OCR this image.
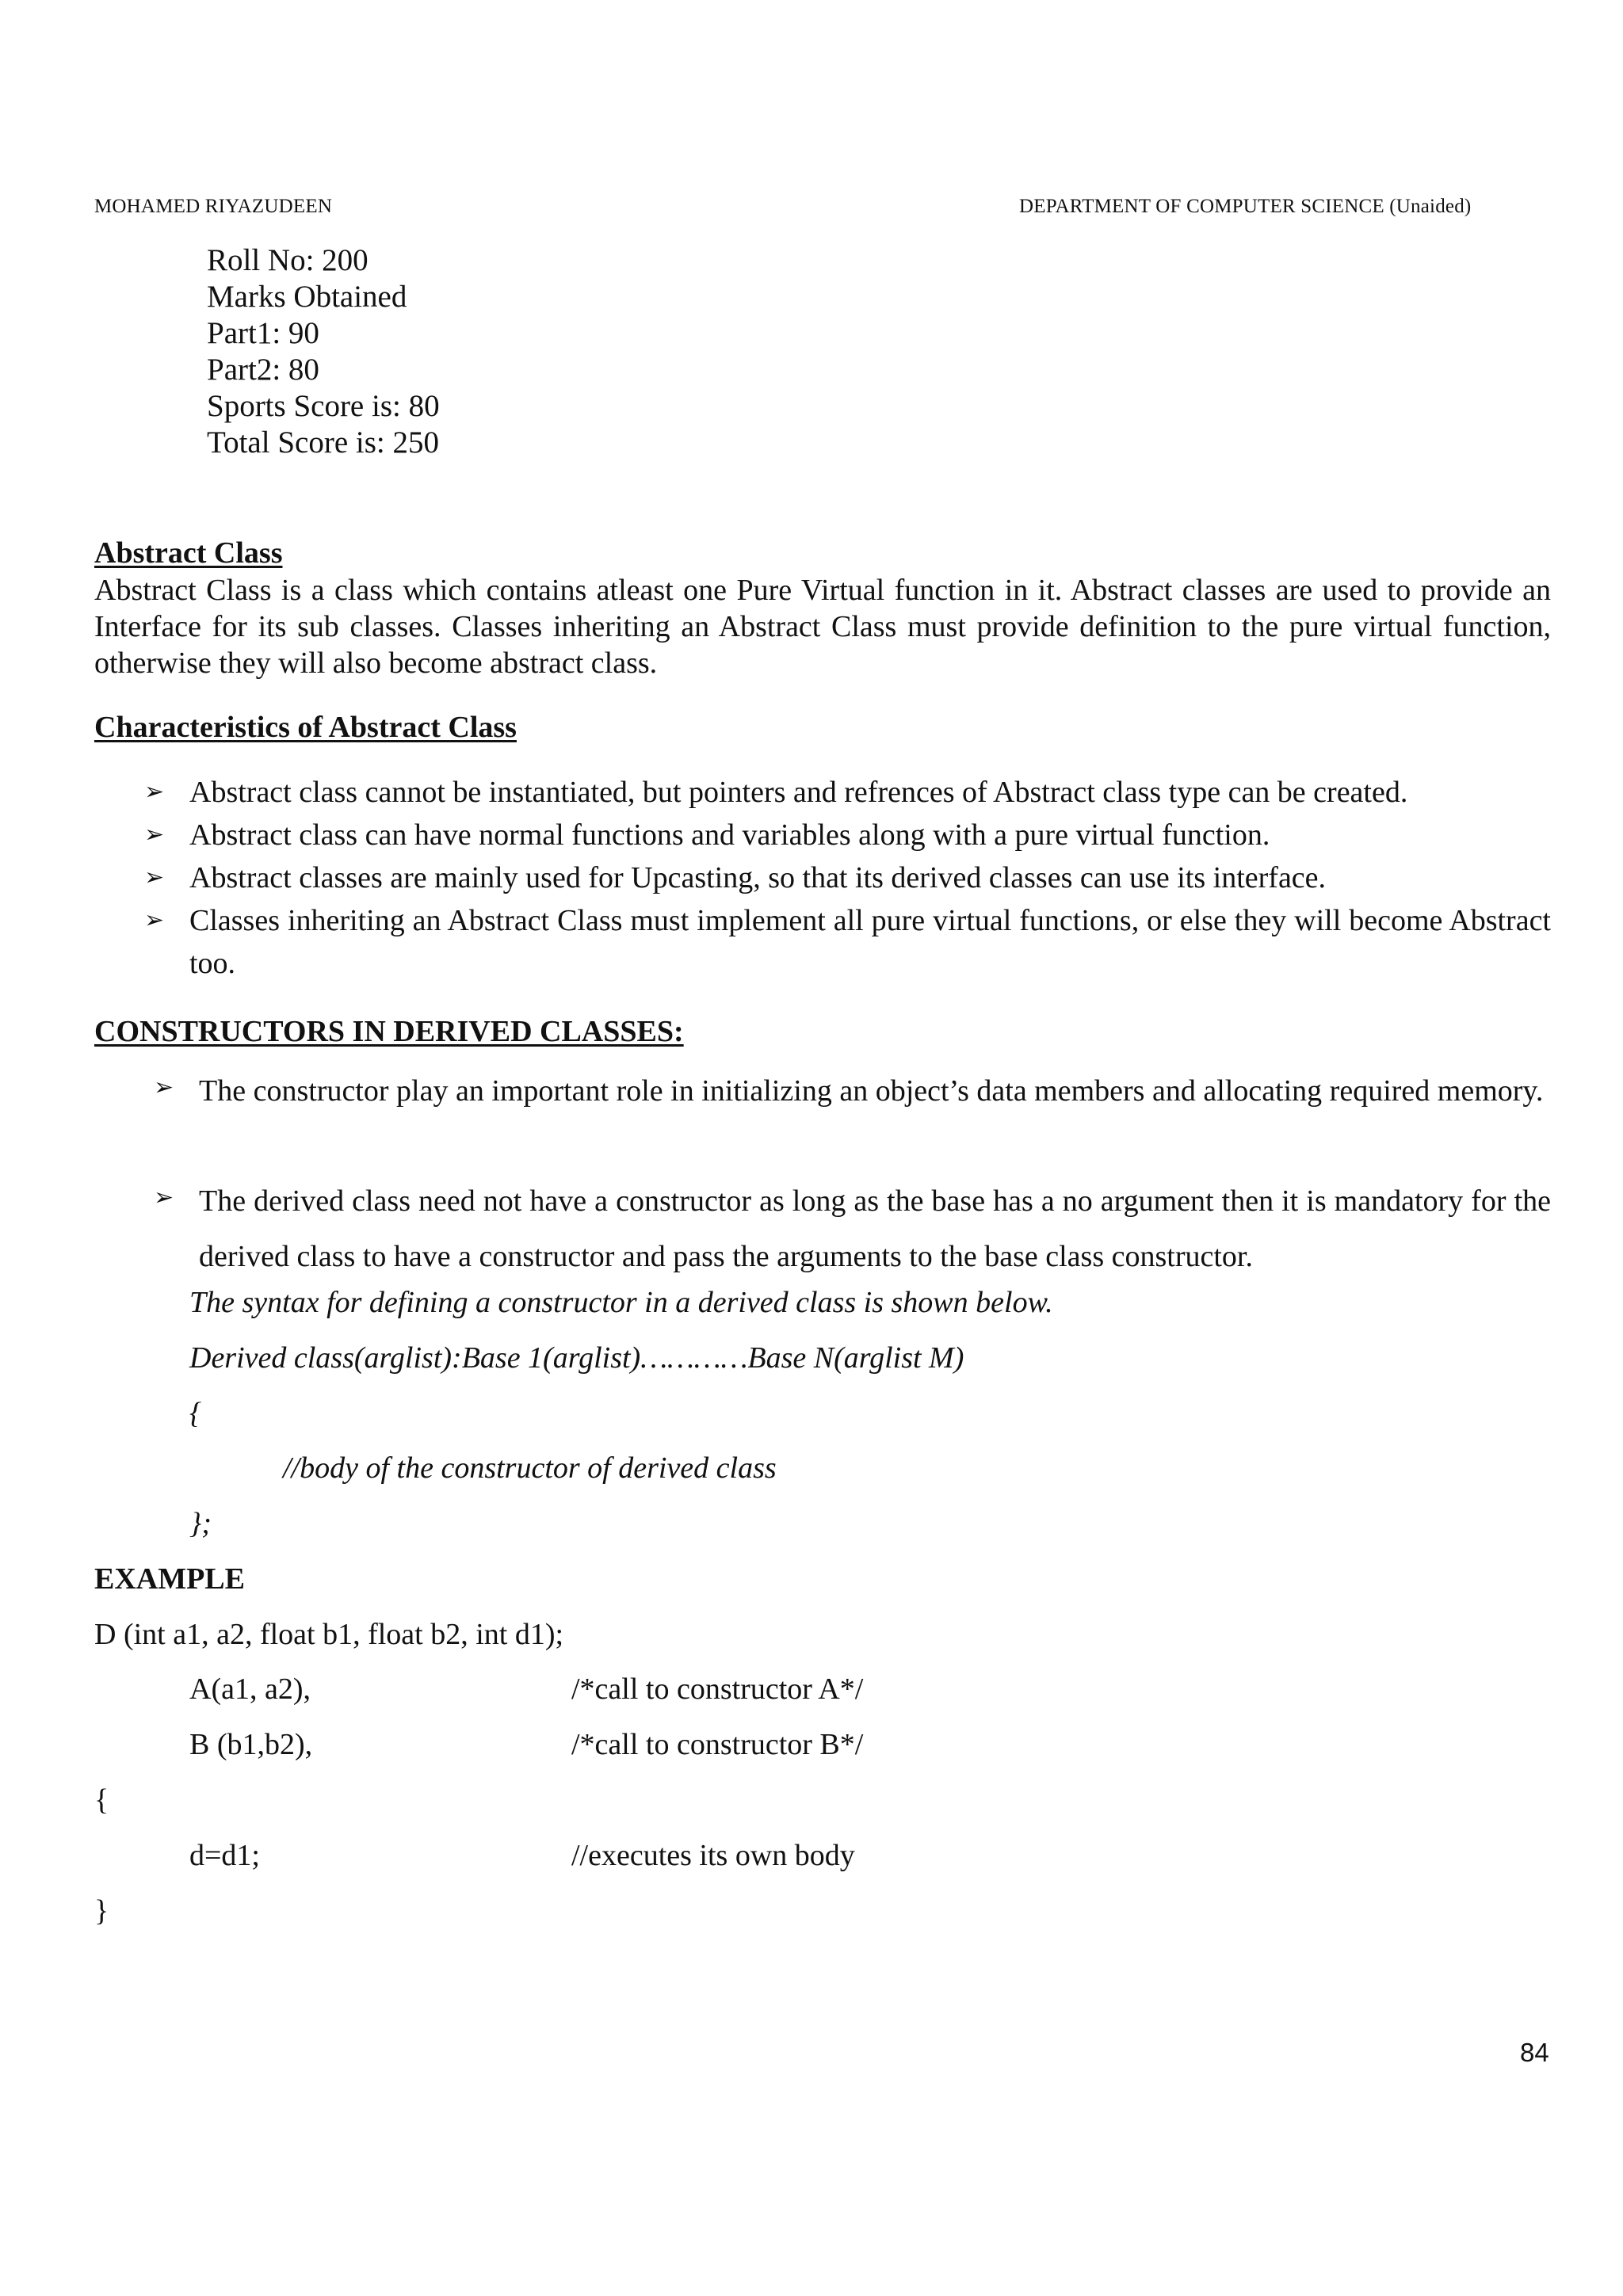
MOHAMED RIYAZUDEEN	DEPARTMENT OF COMPUTER SCIENCE (Unaided)
Roll No: 200
Marks Obtained
Part1: 90
Part2: 80
Sports Score is: 80
Total Score is: 250
Abstract Class
Abstract Class is a class which contains atleast one Pure Virtual function in it. Abstract classes are used to provide an Interface for its sub classes. Classes inheriting an Abstract Class must provide definition to the pure virtual function, otherwise they will also become abstract class.
Characteristics of Abstract Class
➢ Abstract class cannot be instantiated, but pointers and refrences of Abstract class type can be created.
➢ Abstract class can have normal functions and variables along with a pure virtual function.
➢ Abstract classes are mainly used for Upcasting, so that its derived classes can use its interface.
➢ Classes inheriting an Abstract Class must implement all pure virtual functions, or else they will become Abstract too.
CONSTRUCTORS IN DERIVED CLASSES:
➢ The constructor play an important role in initializing an object’s data members and allocating required memory.
➢ The derived class need not have a constructor as long as the base has a no argument then it is mandatory for the derived class to have a constructor and pass the arguments to the base class constructor.
The syntax for defining a constructor in a derived class is shown below.
Derived class(arglist):Base 1(arglist)…………Base N(arglist M)
{
//body of the constructor of derived class
};
EXAMPLE
D (int a1, a2, float b1, float b2, int d1);
A(a1, a2),	/*call to constructor A*/
B (b1,b2),	/*call to constructor B*/
{
d=d1;	//executes its own body
}
84
